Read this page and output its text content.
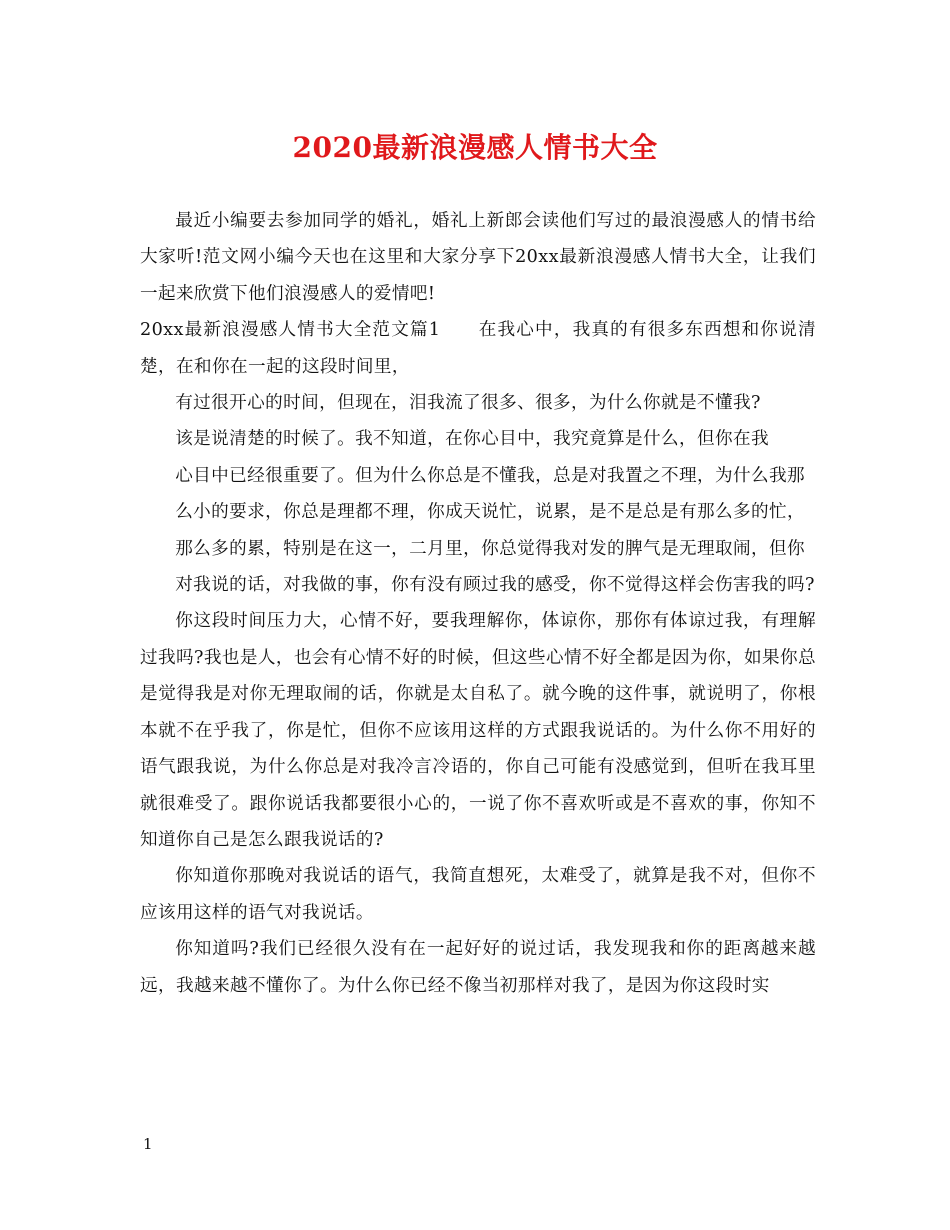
2020最新浪漫感人情书大全

最近小编要去参加同学的婚礼，婚礼上新郎会读他们写过的最浪漫感人的情书给大家听!范文网小编今天也在这里和大家分享下20xx最新浪漫感人情书大全，让我们一起来欣赏下他们浪漫感人的爱情吧!

20xx最新浪漫感人情书大全范文篇1　　在我心中，我真的有很多东西想和你说清楚，在和你在一起的这段时间里，

有过很开心的时间，但现在，泪我流了很多、很多，为什么你就是不懂我?

该是说清楚的时候了。我不知道，在你心目中，我究竟算是什么，但你在我

心目中已经很重要了。但为什么你总是不懂我，总是对我置之不理，为什么我那

么小的要求，你总是理都不理，你成天说忙，说累，是不是总是有那么多的忙，

那么多的累，特别是在这一，二月里，你总觉得我对发的脾气是无理取闹，但你

对我说的话，对我做的事，你有没有顾过我的感受，你不觉得这样会伤害我的吗?

你这段时间压力大，心情不好，要我理解你，体谅你，那你有体谅过我，有理解过我吗?我也是人，也会有心情不好的时候，但这些心情不好全都是因为你，如果你总是觉得我是对你无理取闹的话，你就是太自私了。就今晚的这件事，就说明了，你根本就不在乎我了，你是忙，但你不应该用这样的方式跟我说话的。为什么你不用好的语气跟我说，为什么你总是对我冷言冷语的，你自己可能有没感觉到，但听在我耳里就很难受了。跟你说话我都要很小心的，一说了你不喜欢听或是不喜欢的事，你知不知道你自己是怎么跟我说话的?

你知道你那晚对我说话的语气，我简直想死，太难受了，就算是我不对，但你不应该用这样的语气对我说话。

你知道吗?我们已经很久没有在一起好好的说过话，我发现我和你的距离越来越远，我越来越不懂你了。为什么你已经不像当初那样对我了，是因为你这段时实

1
